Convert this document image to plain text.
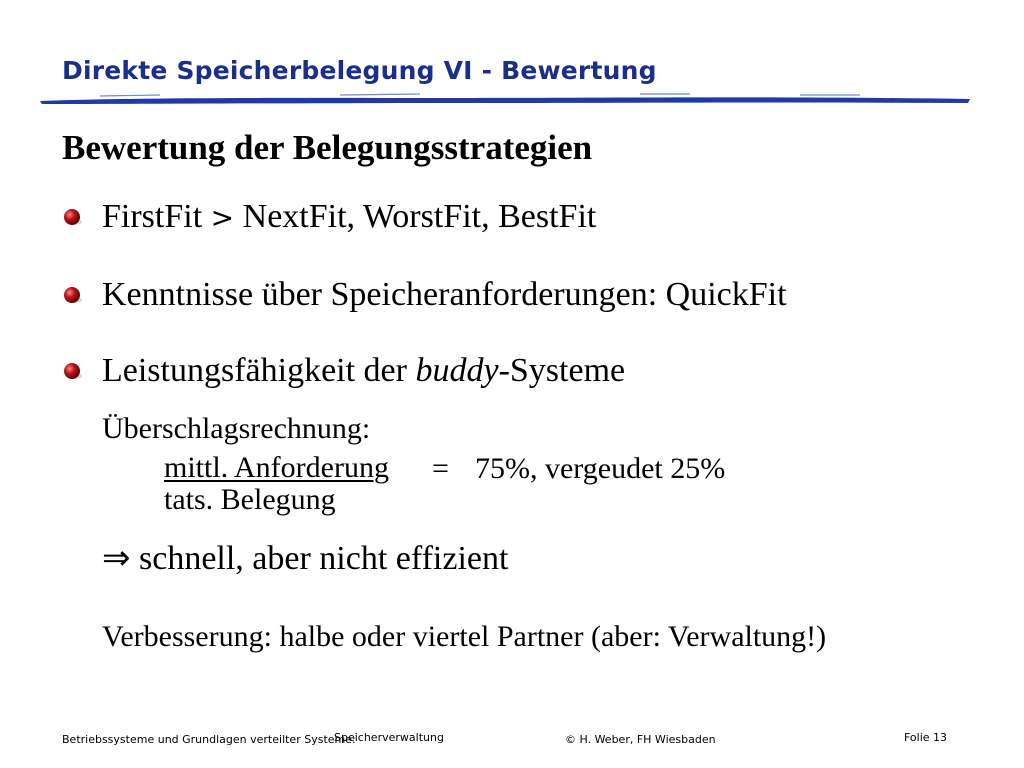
Direkte Speicherbelegung VI - Bewertung
Bewertung der Belegungsstrategien
FirstFit > NextFit, WorstFit, BestFit
Kenntnisse über Speicheranforderungen: QuickFit
Leistungsfähigkeit der buddy-Systeme
Überschlagsrechnung:
mittl. Anforderung
tats. Belegung
= 75%, vergeudet 25%
⇒ schnell, aber nicht effizient
Verbesserung: halbe oder viertel Partner (aber: Verwaltung!)
Betriebssysteme und Grundlagen verteilter Systeme:
Speicherverwaltung	© H. Weber, FH Wiesbaden	Folie 13
